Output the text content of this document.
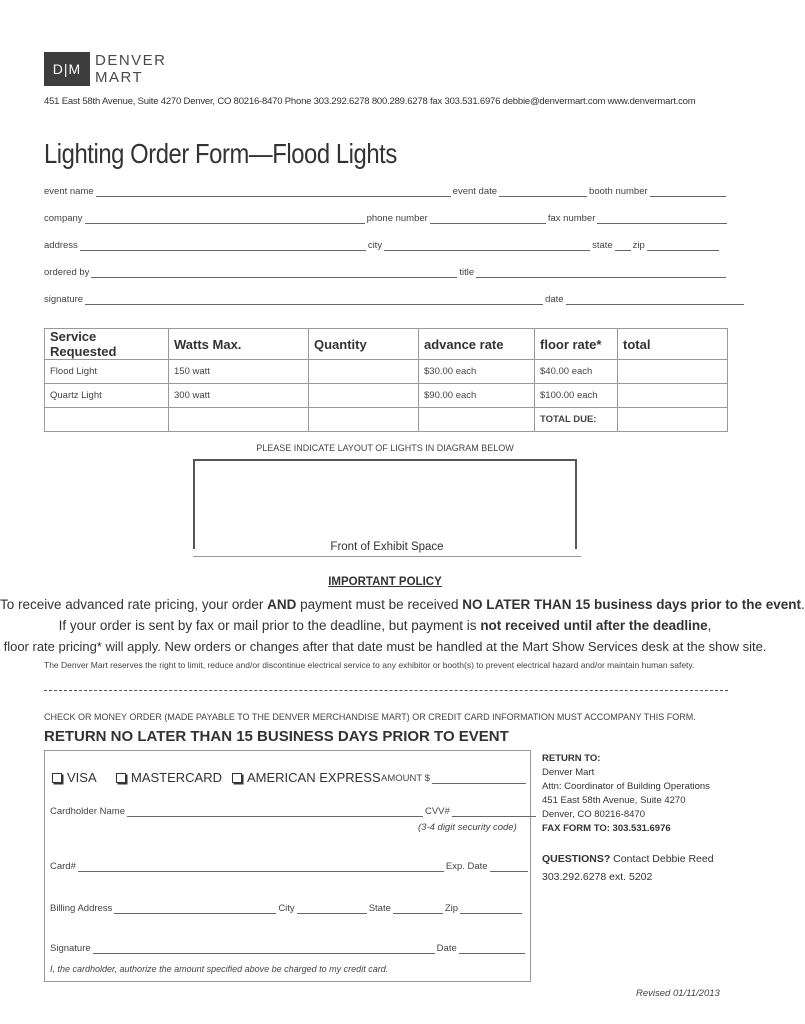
D|M DENVER
MART
451 East 58th Avenue, Suite 4270 Denver, CO 80216-8470 Phone 303.292.6278 800.289.6278 fax 303.531.6976 debbie@denvermart.com www.denvermart.com
Lighting Order Form—Flood Lights
event name	event date	booth number
company	phone number	fax number
address	city	state zip
ordered by	title
signature	date
Service Requested	Watts Max.	Quantity	advance rate	floor rate*	total
Flood Light	150 watt		$30.00 each	$40.00 each	
Quartz Light	300 watt		$90.00 each	$100.00 each	
				TOTAL DUE:	
PLEASE INDICATE LAYOUT OF LIGHTS IN DIAGRAM BELOW
Front of Exhibit Space
IMPORTANT POLICY
To receive advanced rate pricing, your order AND payment must be received NO LATER THAN 15 business days prior to the event.
If your order is sent by fax or mail prior to the deadline, but payment is not received until after the deadline,
floor rate pricing* will apply. New orders or changes after that date must be handled at the Mart Show Services desk at the show site.
The Denver Mart reserves the right to limit, reduce and/or discontinue electrical service to any exhibitor or booth(s) to prevent electrical hazard and/or maintain human safety.
CHECK OR MONEY ORDER (MADE PAYABLE TO THE DENVER MERCHANDISE MART) OR CREDIT CARD INFORMATION MUST ACCOMPANY THIS FORM.
RETURN NO LATER THAN 15 BUSINESS DAYS PRIOR TO EVENT
VISA	MASTERCARD AMERICAN EXPRESS AMOUNT $
Cardholder Name	CVV#
(3-4 digit security code)
Card#	Exp. Date
Billing Address	City	State	Zip
Signature	Date
I, the cardholder, authorize the amount specified above be charged to my credit card.
RETURN TO:
Denver Mart
Attn: Coordinator of Building Operations
451 East 58th Avenue, Suite 4270
Denver, CO 80216-8470
FAX FORM TO: 303.531.6976
QUESTIONS? Contact Debbie Reed
303.292.6278 ext. 5202
Revised 01/11/2013
